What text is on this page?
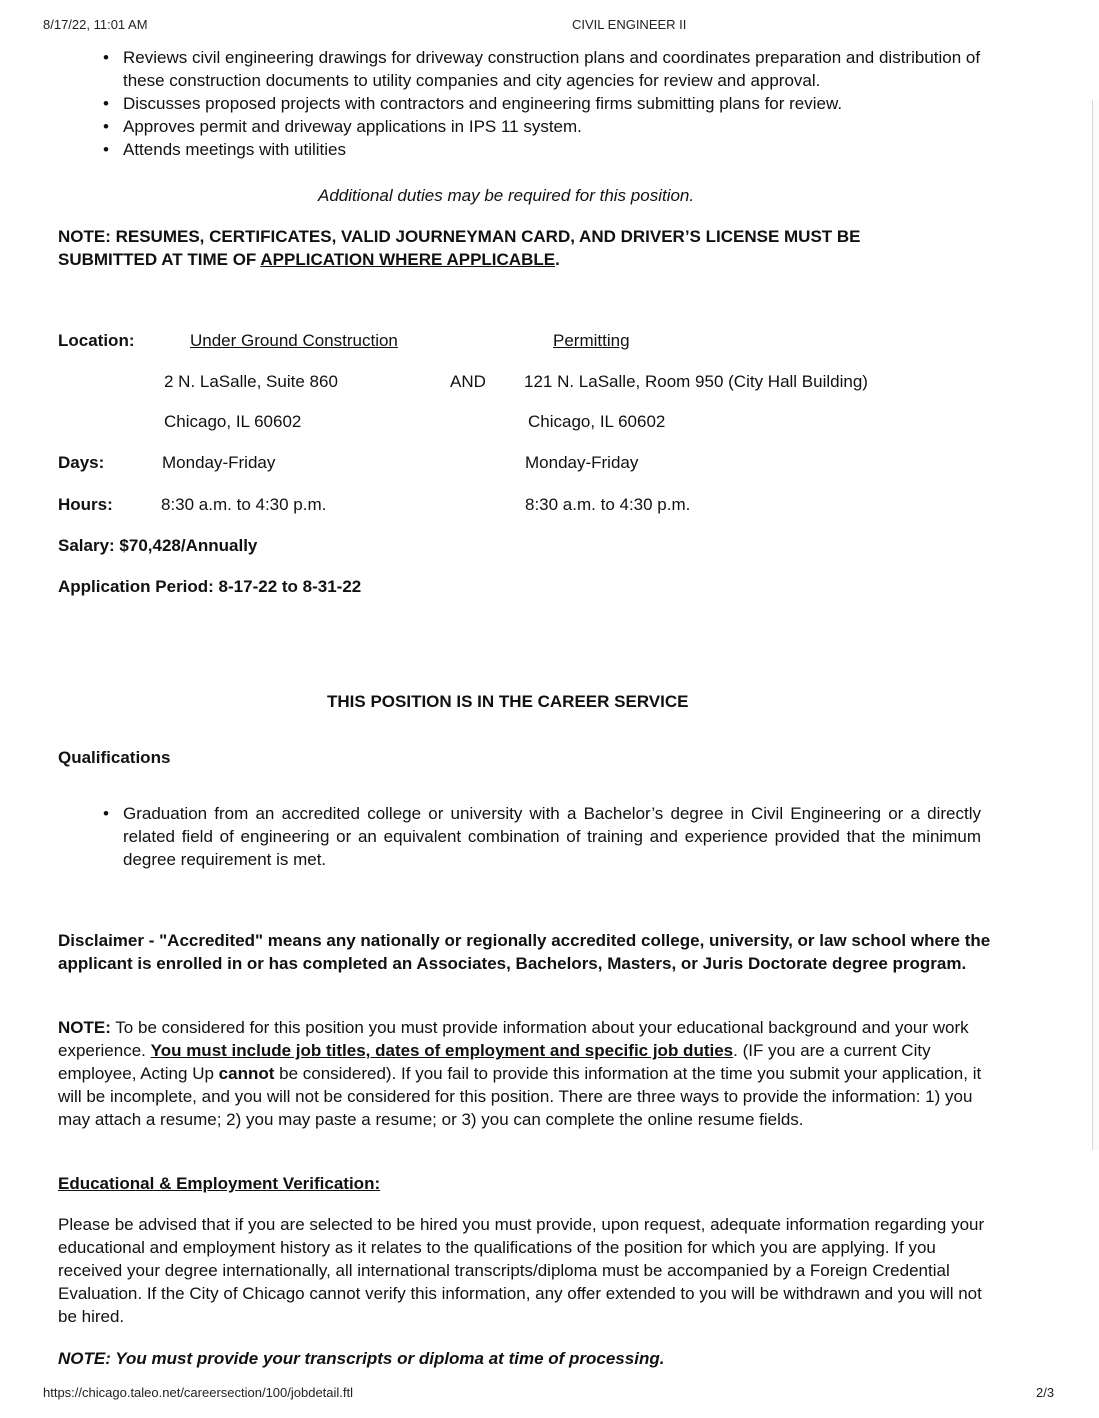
8/17/22, 11:01 AM	CIVIL ENGINEER II
• Reviews civil engineering drawings for driveway construction plans and coordinates preparation and distribution of these construction documents to utility companies and city agencies for review and approval.
• Discusses proposed projects with contractors and engineering firms submitting plans for review.
• Approves permit and driveway applications in IPS 11 system.
• Attends meetings with utilities
Additional duties may be required for this position.
NOTE: RESUMES, CERTIFICATES, VALID JOURNEYMAN CARD, AND DRIVER’S LICENSE MUST BE SUBMITTED AT TIME OF APPLICATION WHERE APPLICABLE.
Location:	Under Ground Construction	Permitting
2 N. LaSalle, Suite 860	AND 121 N. LaSalle, Room 950 (City Hall Building)
Chicago, IL 60602	Chicago, IL 60602
Days:	Monday-Friday	Monday-Friday
Hours:	8:30 a.m. to 4:30 p.m.	8:30 a.m. to 4:30 p.m.
Salary: $70,428/Annually
Application Period: 8-17-22 to 8-31-22
THIS POSITION IS IN THE CAREER SERVICE
Qualifications
• Graduation from an accredited college or university with a Bachelor’s degree in Civil Engineering or a directly related field of engineering or an equivalent combination of training and experience provided that the minimum degree requirement is met.
Disclaimer - "Accredited" means any nationally or regionally accredited college, university, or law school where the applicant is enrolled in or has completed an Associates, Bachelors, Masters, or Juris Doctorate degree program.
NOTE: To be considered for this position you must provide information about your educational background and your work experience. You must include job titles, dates of employment and specific job duties. (IF you are a current City employee, Acting Up cannot be considered). If you fail to provide this information at the time you submit your application, it will be incomplete, and you will not be considered for this position. There are three ways to provide the information: 1) you may attach a resume; 2) you may paste a resume; or 3) you can complete the online resume fields.
Educational & Employment Verification:
Please be advised that if you are selected to be hired you must provide, upon request, adequate information regarding your educational and employment history as it relates to the qualifications of the position for which you are applying. If you received your degree internationally, all international transcripts/diploma must be accompanied by a Foreign Credential Evaluation. If the City of Chicago cannot verify this information, any offer extended to you will be withdrawn and you will not be hired.
NOTE: You must provide your transcripts or diploma at time of processing.
https://chicago.taleo.net/careersection/100/jobdetail.ftl	2/3
